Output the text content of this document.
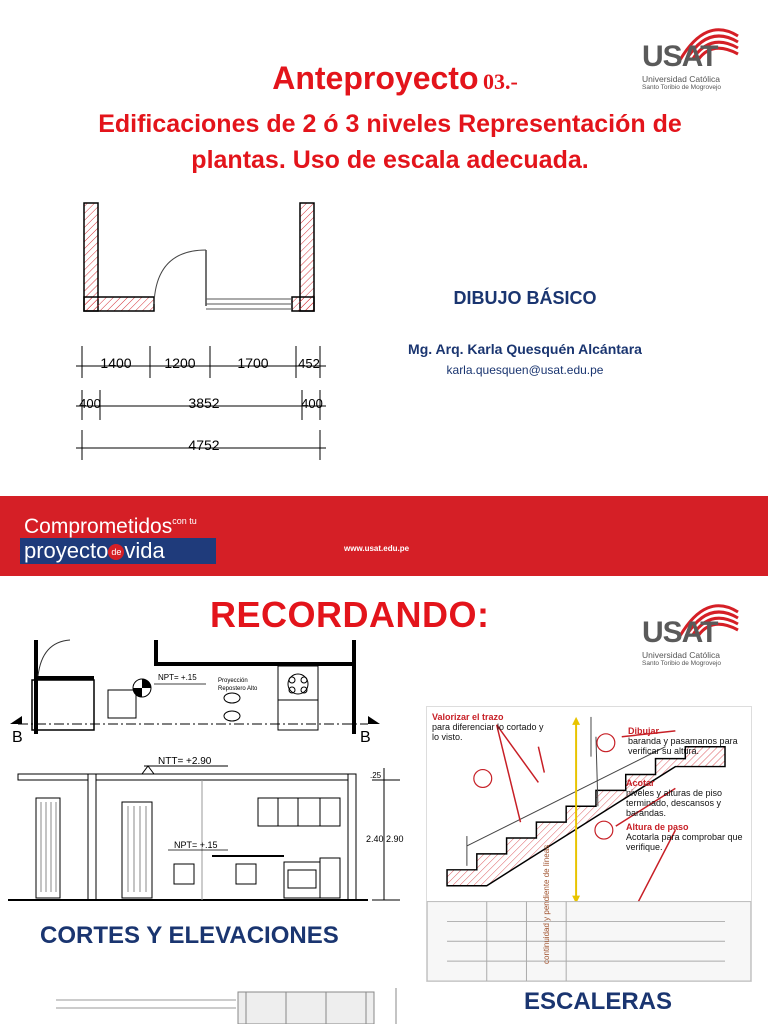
USAT
Universidad Católica
Santo Toribio de Mogrovejo
Anteproyecto 03.-
Edificaciones de 2 ó 3 niveles Representación de
plantas. Uso de escala adecuada.
1400 1200	1700 452
400	3852	400
4752
DIBUJO BÁSICO
Mg. Arq. Karla Quesquén Alcántara
karla.quesquen@usat.edu.pe
Comprometidoscon tu
proyecto de vida	www.usat.edu.pe
USAT
Universidad Católica
Santo Toribio de Mogrovejo
RECORDANDO:
NPT= +.15	Proyección
Repostero Alto
B	B
NTT= +2.90
NPT= +.15
.25
2.40 2.90
CORTES Y ELEVACIONES
Valorizar el trazo
para diferenciar lo cortado y lo visto.
Dibujar
baranda y pasamanos para verificar su altura.
Acotar
niveles y alturas de piso terminado, descansos y barandas.
Altura de paso
Acotarla para comprobar que verifique.
continuidad y pendiente de líneas
ESCALERAS
